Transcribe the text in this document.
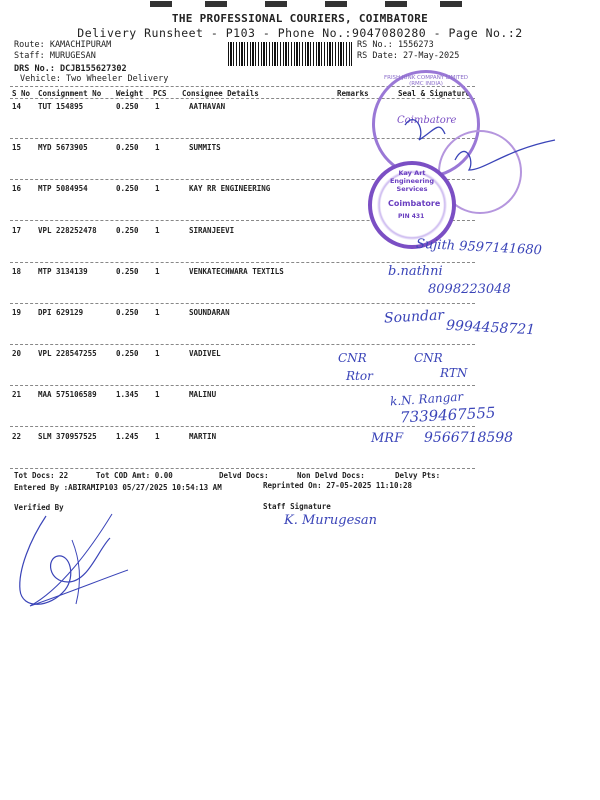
THE PROFESSIONAL COURIERS, COIMBATORE
Delivery Runsheet - P103 - Phone No.:9047080280 - Page No.:2
Route: KAMACHIPURAM
Staff: MURUGESAN
DRS No.: DCJB155627302
Vehicle: Two Wheeler Delivery
RS No.: 1556273
RS Date: 27-May-2025
S No Consignment No Weight PCS Consignee Details	Remarks	Seal & Signature
14 TUT 154895	0.250 1	AATHAVAN
15 MYD 5673905	0.250 1	SUMMITS
16 MTP 5084954	0.250 1	KAY RR ENGINEERING
17 VPL 228252478	0.250 1	SIRANJEEVI
18 MTP 3134139	0.250 1	VENKATECHWARA TEXTILS
19 DPI 629129	0.250 1	SOUNDARAN
20 VPL 228547255	0.250 1	VADIVEL
21 MAA 575106589	1.345 1	MALINU
22 SLM 370957525	1.245 1	MARTIN
Tot Docs: 22	Tot COD Amt: 0.00	Delvd Docs:	Non Delvd Docs:	Delvy Pts:
Entered By :ABIRAMIP103 05/27/2025 10:54:13 AM	Reprinted On: 27-05-2025 11:10:28
Verified By	Staff Signature
FRISH JUNK COMPANY LIMITED (RMC INDIA)
Coimbatore
Kay Art Engineering Services
Coimbatore
PIN 431
Sujith 9597141680
b.nathni
8098223048
Soundar
9994458721
CNR
Rtor
CNR
RTN
k.N. Rangar
7339467555
MRF 9566718598
K. Murugesan
